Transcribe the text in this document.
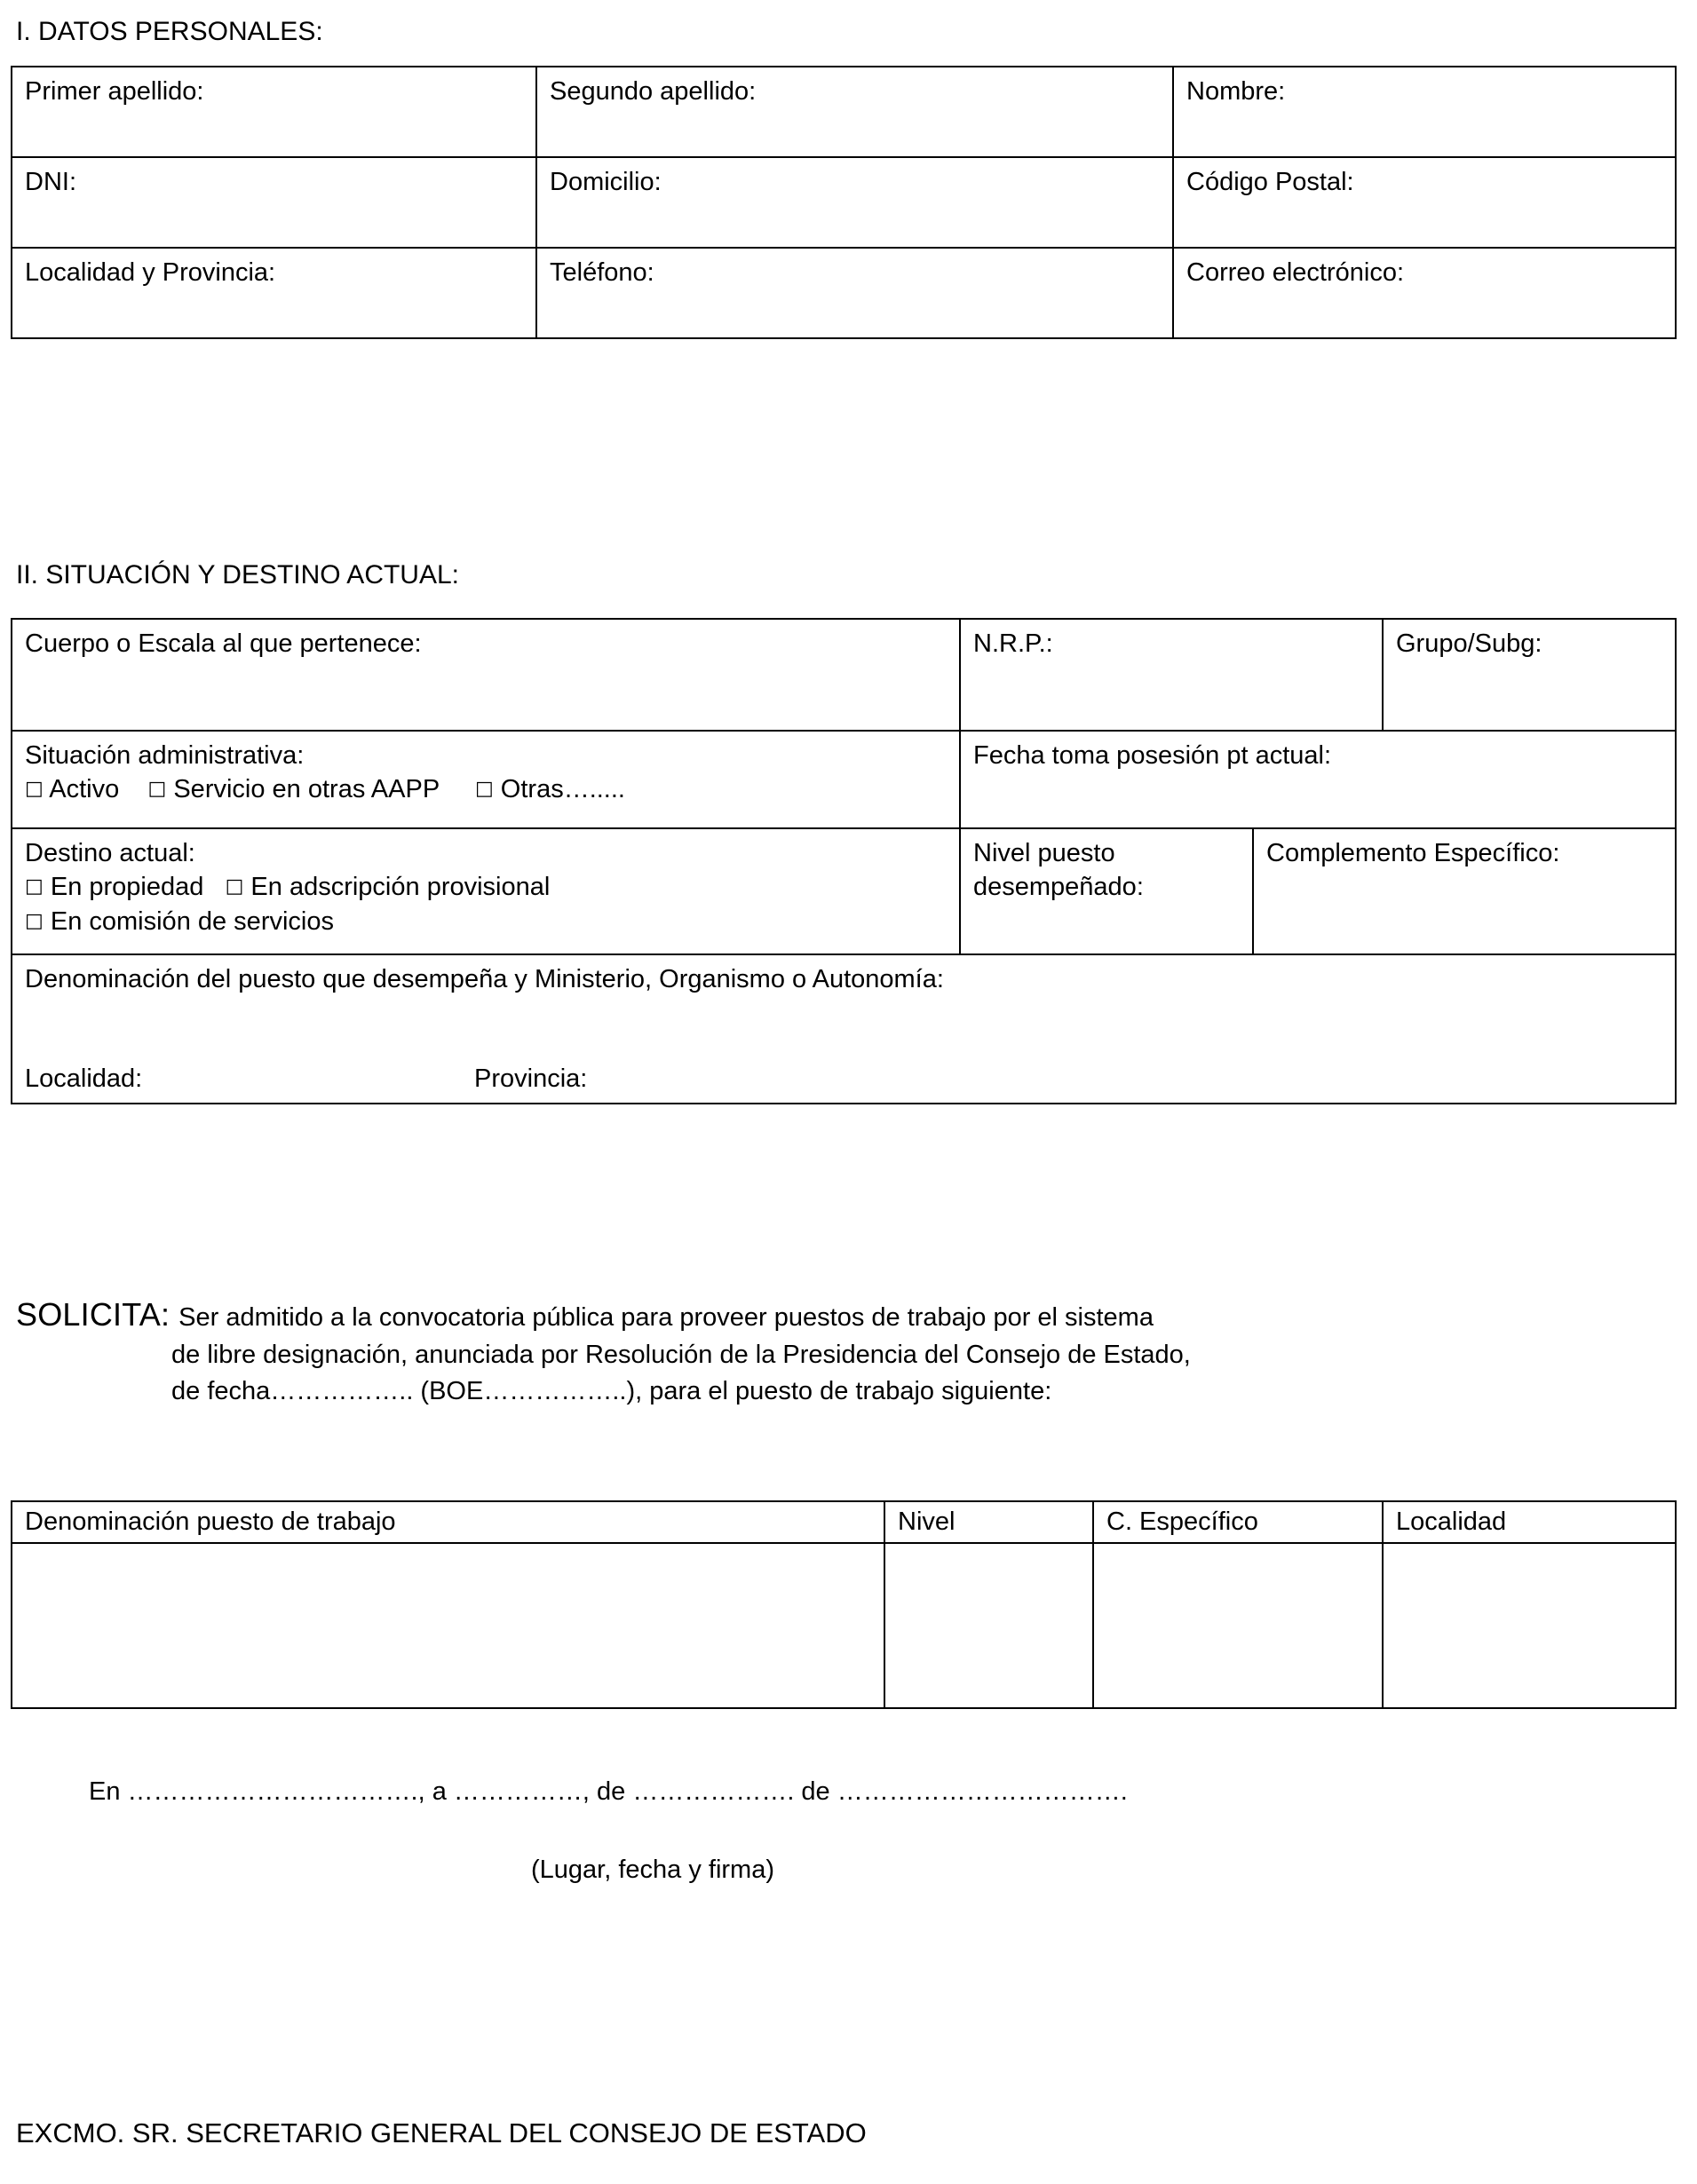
I. DATOS PERSONALES:
Primer apellido:	Segundo apellido:	Nombre:
DNI:	Domicilio:	Código Postal:
Localidad y Provincia:	Teléfono:	Correo electrónico:
II. SITUACIÓN Y DESTINO ACTUAL:
Cuerpo o Escala al que pertenece:	N.R.P.:		Grupo/Subg:

Situación administrativa:
□ Activo □ Servicio en otras AAPP □ Otras….....	Fecha toma posesión pt actual:		

Destino actual:
□ En propiedad □ En adscripción provisional
□ En comisión de servicios	Nivel puesto desempeñado:	Complemento Específico:	

Denominación del puesto que desempeña y Ministerio, Organismo o Autonomía:
Localidad: Provincia:			
SOLICITA: Ser admitido a la convocatoria pública para proveer puestos de trabajo por el sistema
de libre designación, anunciada por Resolución de la Presidencia del Consejo de Estado,
de fecha…………….. (BOE……………..), para el puesto de trabajo siguiente:
Denominación puesto de trabajo	Nivel	C. Específico	Localidad

En ……………………………., a ……………, de ………………. de …………………………….
(Lugar, fecha y firma)
EXCMO. SR. SECRETARIO GENERAL DEL CONSEJO DE ESTADO
